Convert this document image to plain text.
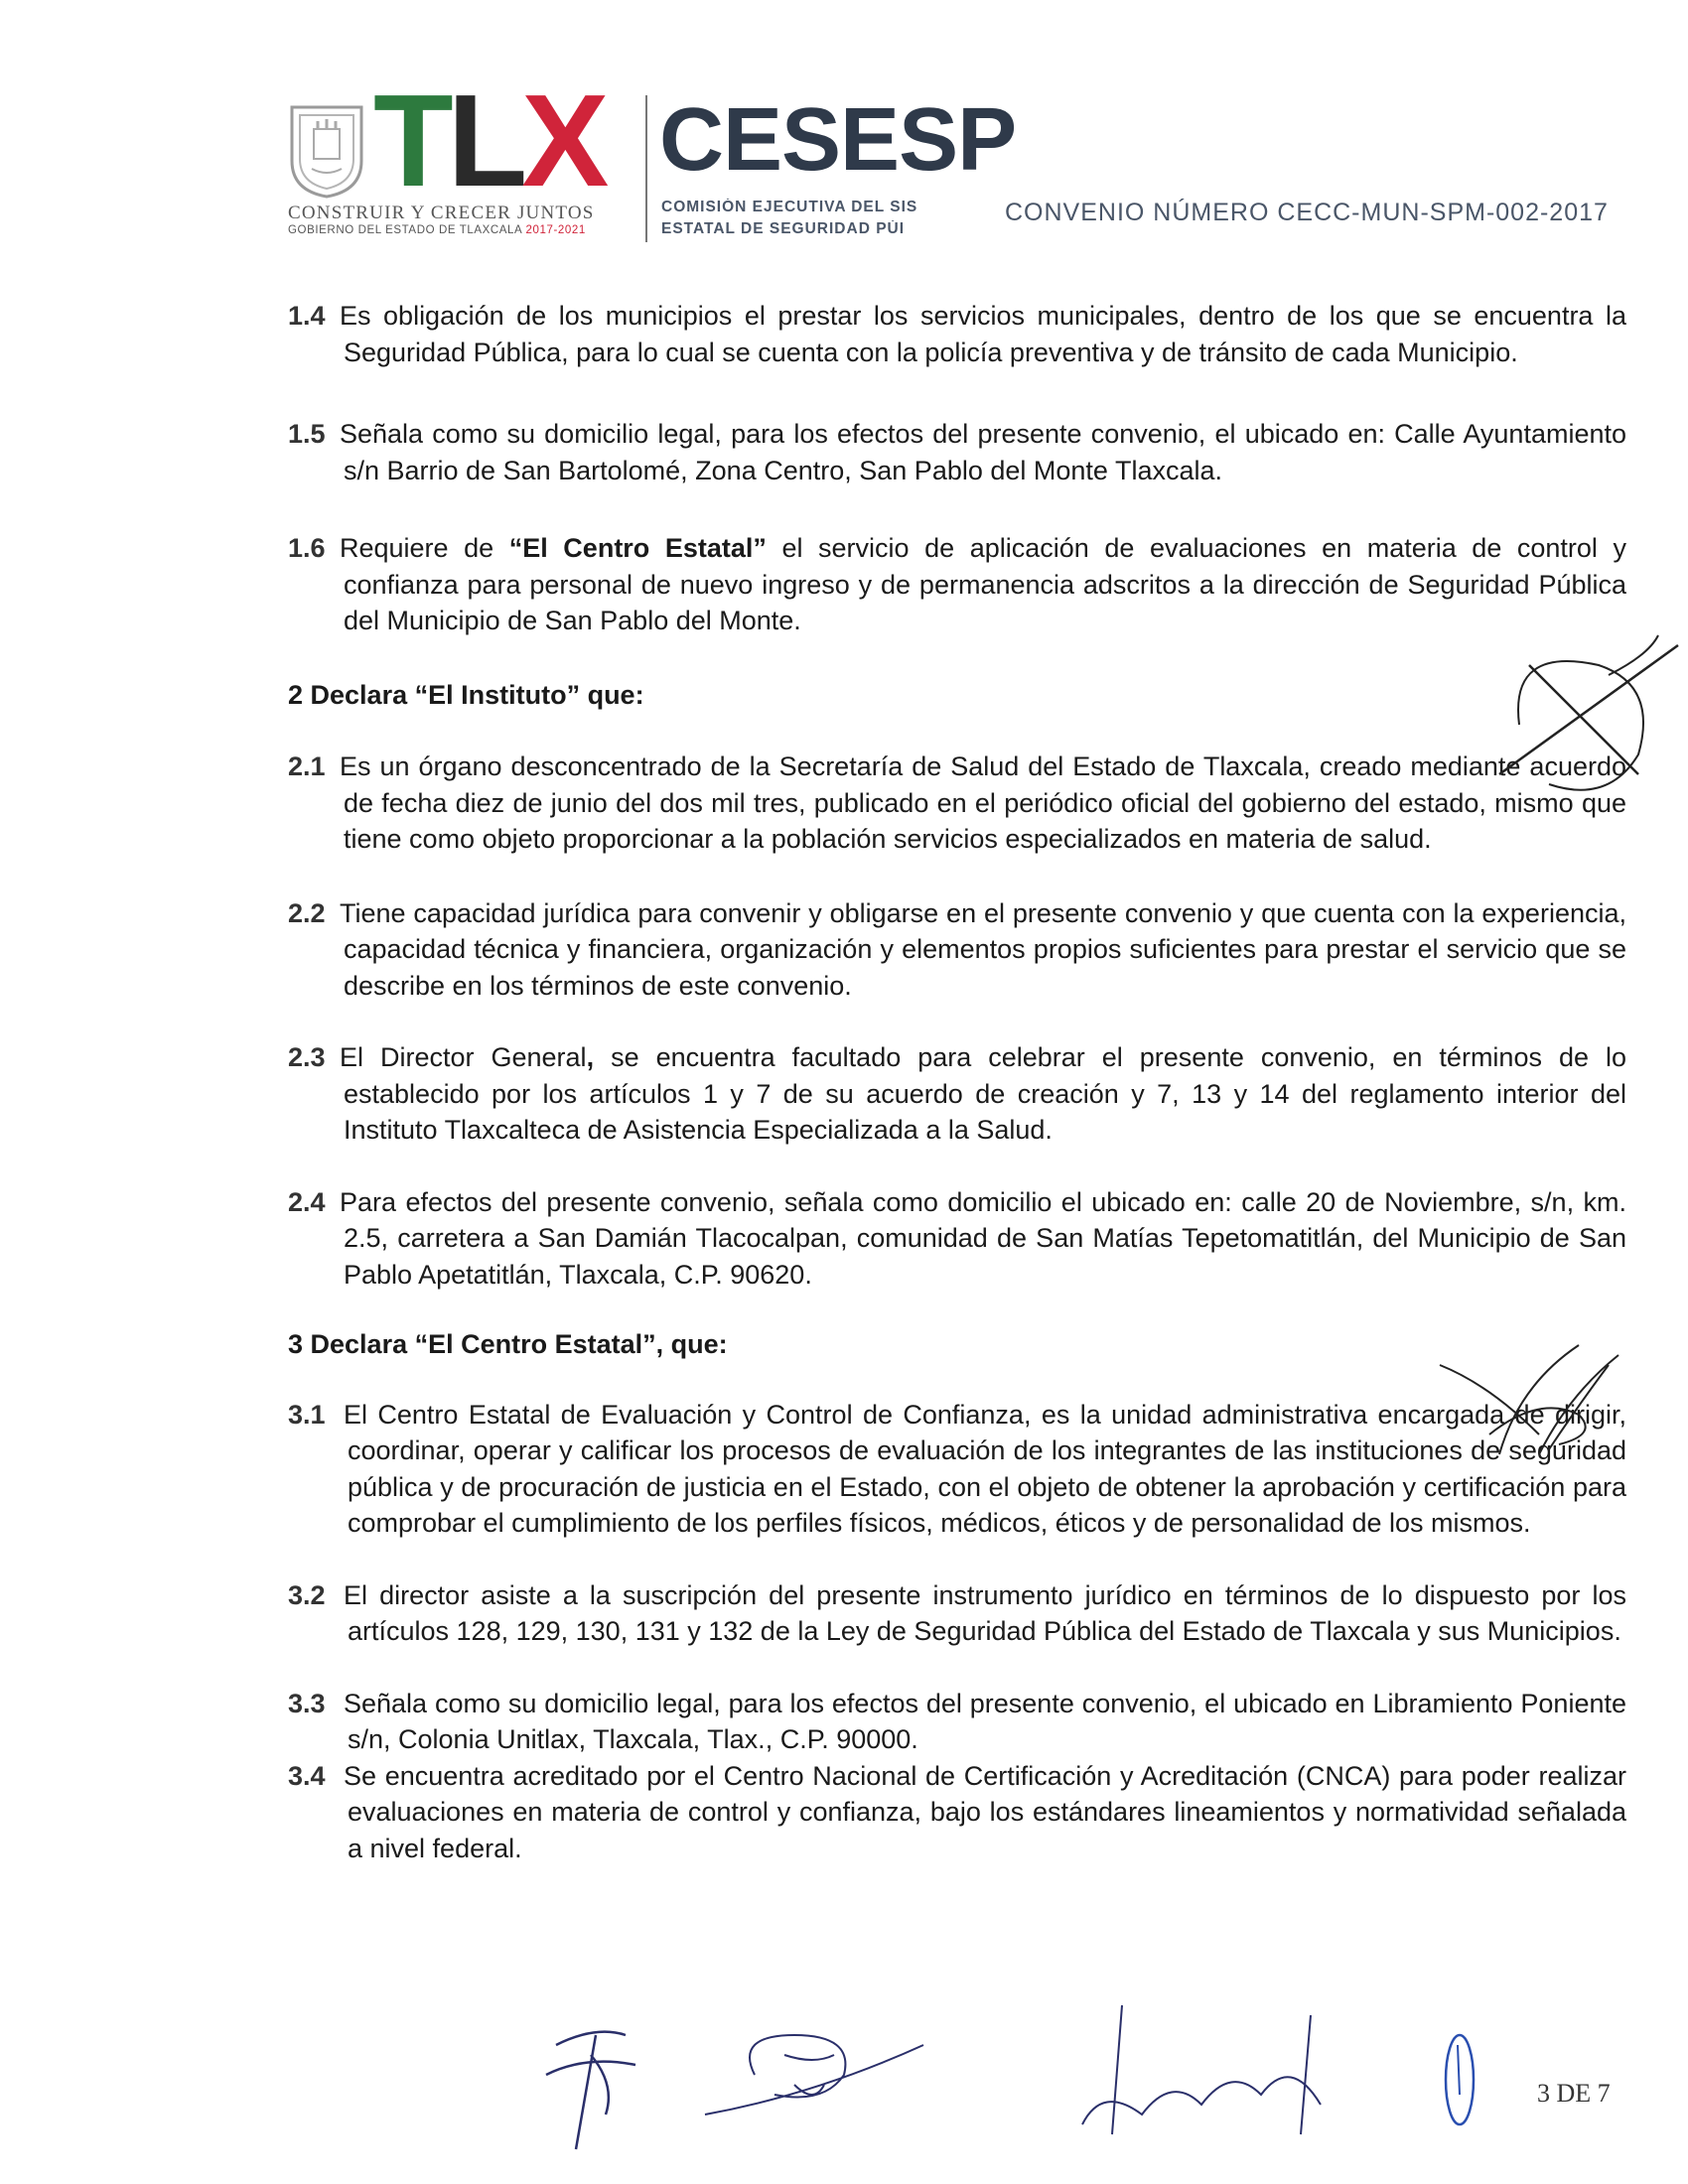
TLX
CONSTRUIR Y CRECER JUNTOS
GOBIERNO DEL ESTADO DE TLAXCALA 2017-2021
CESESP
COMISIÓN EJECUTIVA DEL SIS
ESTATAL DE SEGURIDAD PÚI
CONVENIO NÚMERO CECC-MUN-SPM-002-2017
1.4 Es obligación de los municipios el prestar los servicios municipales, dentro de los que se encuentra la Seguridad Pública, para lo cual se cuenta con la policía preventiva y de tránsito de cada Municipio.
1.5 Señala como su domicilio legal, para los efectos del presente convenio, el ubicado en: Calle Ayuntamiento s/n Barrio de San Bartolomé, Zona Centro, San Pablo del Monte Tlaxcala.
1.6 Requiere de “El Centro Estatal” el servicio de aplicación de evaluaciones en materia de control y confianza para personal de nuevo ingreso y de permanencia adscritos a la dirección de Seguridad Pública del Municipio de San Pablo del Monte.
2 Declara “El Instituto” que:
2.1 Es un órgano desconcentrado de la Secretaría de Salud del Estado de Tlaxcala, creado mediante acuerdo de fecha diez de junio del dos mil tres, publicado en el periódico oficial del gobierno del estado, mismo que tiene como objeto proporcionar a la población servicios especializados en materia de salud.
2.2 Tiene capacidad jurídica para convenir y obligarse en el presente convenio y que cuenta con la experiencia, capacidad técnica y financiera, organización y elementos propios suficientes para prestar el servicio que se describe en los términos de este convenio.
2.3 El Director General, se encuentra facultado para celebrar el presente convenio, en términos de lo establecido por los artículos 1 y 7 de su acuerdo de creación y 7, 13 y 14 del reglamento interior del Instituto Tlaxcalteca de Asistencia Especializada a la Salud.
2.4 Para efectos del presente convenio, señala como domicilio el ubicado en: calle 20 de Noviembre, s/n, km. 2.5, carretera a San Damián Tlacocalpan, comunidad de San Matías Tepetomatitlán, del Municipio de San Pablo Apetatitlán, Tlaxcala, C.P. 90620.
3 Declara “El Centro Estatal”, que:
3.1 El Centro Estatal de Evaluación y Control de Confianza, es la unidad administrativa encargada de dirigir, coordinar, operar y calificar los procesos de evaluación de los integrantes de las instituciones de seguridad pública y de procuración de justicia en el Estado, con el objeto de obtener la aprobación y certificación para comprobar el cumplimiento de los perfiles físicos, médicos, éticos y de personalidad de los mismos.
3.2 El director asiste a la suscripción del presente instrumento jurídico en términos de lo dispuesto por los artículos 128, 129, 130, 131 y 132 de la Ley de Seguridad Pública del Estado de Tlaxcala y sus Municipios.
3.3 Señala como su domicilio legal, para los efectos del presente convenio, el ubicado en Libramiento Poniente s/n, Colonia Unitlax, Tlaxcala, Tlax., C.P. 90000.
3.4 Se encuentra acreditado por el Centro Nacional de Certificación y Acreditación (CNCA) para poder realizar evaluaciones en materia de control y confianza, bajo los estándares lineamientos y normatividad señalada a nivel federal.
3 DE 7
